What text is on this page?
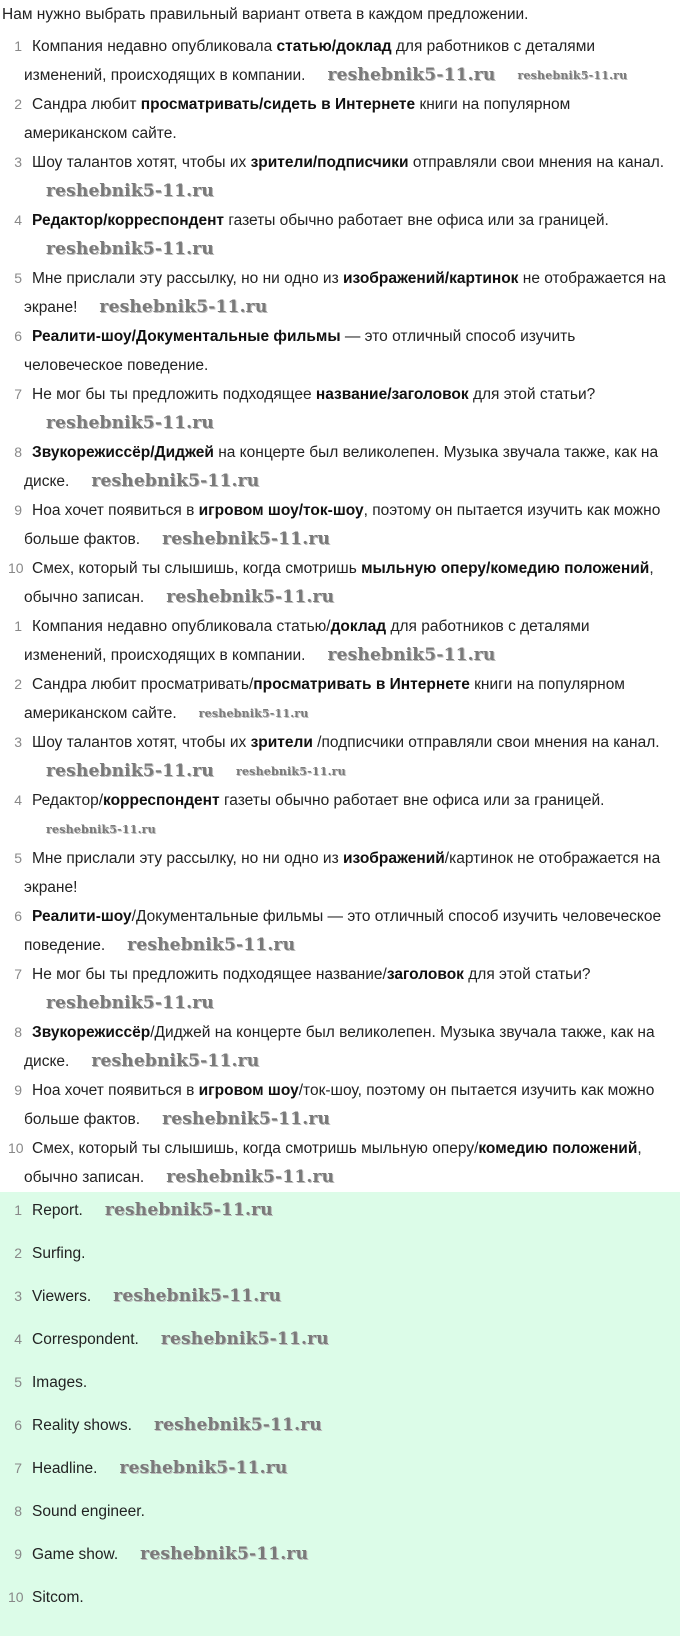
Нам нужно выбрать правильный вариант ответа в каждом предложении.
1 Компания недавно опубликовала статью/доклад для работников с деталями изменений, происходящих в компании. reshebnik5-11.ru reshebnik5-11.ru
2 Сандра любит просматривать/сидеть в Интернете книги на популярном американском сайте.
3 Шоу талантов хотят, чтобы их зрители/подписчики отправляли свои мнения на канал.reshebnik5-11.ru
4 Редактор/корреспондент газеты обычно работает вне офиса или за границей.reshebnik5-11.ru
5 Мне прислали эту рассылку, но ни одно из изображений/картинок не отображается на экране! reshebnik5-11.ru
6 Реалити-шоу/Документальные фильмы — это отличный способ изучить человеческое поведение.
7 Не мог бы ты предложить подходящее название/заголовок для этой статьи?reshebnik5-11.ru
8 Звукорежиссёр/Диджей на концерте был великолепен. Музыка звучала также, как на диске. reshebnik5-11.ru
9 Ноа хочет появиться в игровом шоу/ток-шоу, поэтому он пытается изучить как можно больше фактов. reshebnik5-11.ru
10 Смех, который ты слышишь, когда смотришь мыльную оперу/комедию положений, обычно записан. reshebnik5-11.ru
1 Компания недавно опубликовала статью/доклад для работников с деталями изменений, происходящих в компании. reshebnik5-11.ru
2 Сандра любит просматривать/просматривать в Интернете книги на популярном американском сайте. reshebnik5-11.ru
3 Шоу талантов хотят, чтобы их зрители /подписчики отправляли свои мнения на канал.reshebnik5-11.ru reshebnik5-11.ru
4 Редактор/корреспондент газеты обычно работает вне офиса или за границей.reshebnik5-11.ru
5 Мне прислали эту рассылку, но ни одно из изображений/картинок не отображается на экране!
6 Реалити-шоу/Документальные фильмы — это отличный способ изучить человеческое поведение. reshebnik5-11.ru
7 Не мог бы ты предложить подходящее название/заголовок для этой статьи?reshebnik5-11.ru
8 Звукорежиссёр/Диджей на концерте был великолепен. Музыка звучала также, как на диске. reshebnik5-11.ru
9 Ноа хочет появиться в игровом шоу/ток-шоу, поэтому он пытается изучить как можно больше фактов. reshebnik5-11.ru
10 Смех, который ты слышишь, когда смотришь мыльную оперу/комедию положений, обычно записан. reshebnik5-11.ru
1 Report. reshebnik5-11.ru
2 Surfing.
3 Viewers. reshebnik5-11.ru
4 Correspondent. reshebnik5-11.ru
5 Images.
6 Reality shows. reshebnik5-11.ru
7 Headline. reshebnik5-11.ru
8 Sound engineer.
9 Game show. reshebnik5-11.ru
10 Sitcom.
